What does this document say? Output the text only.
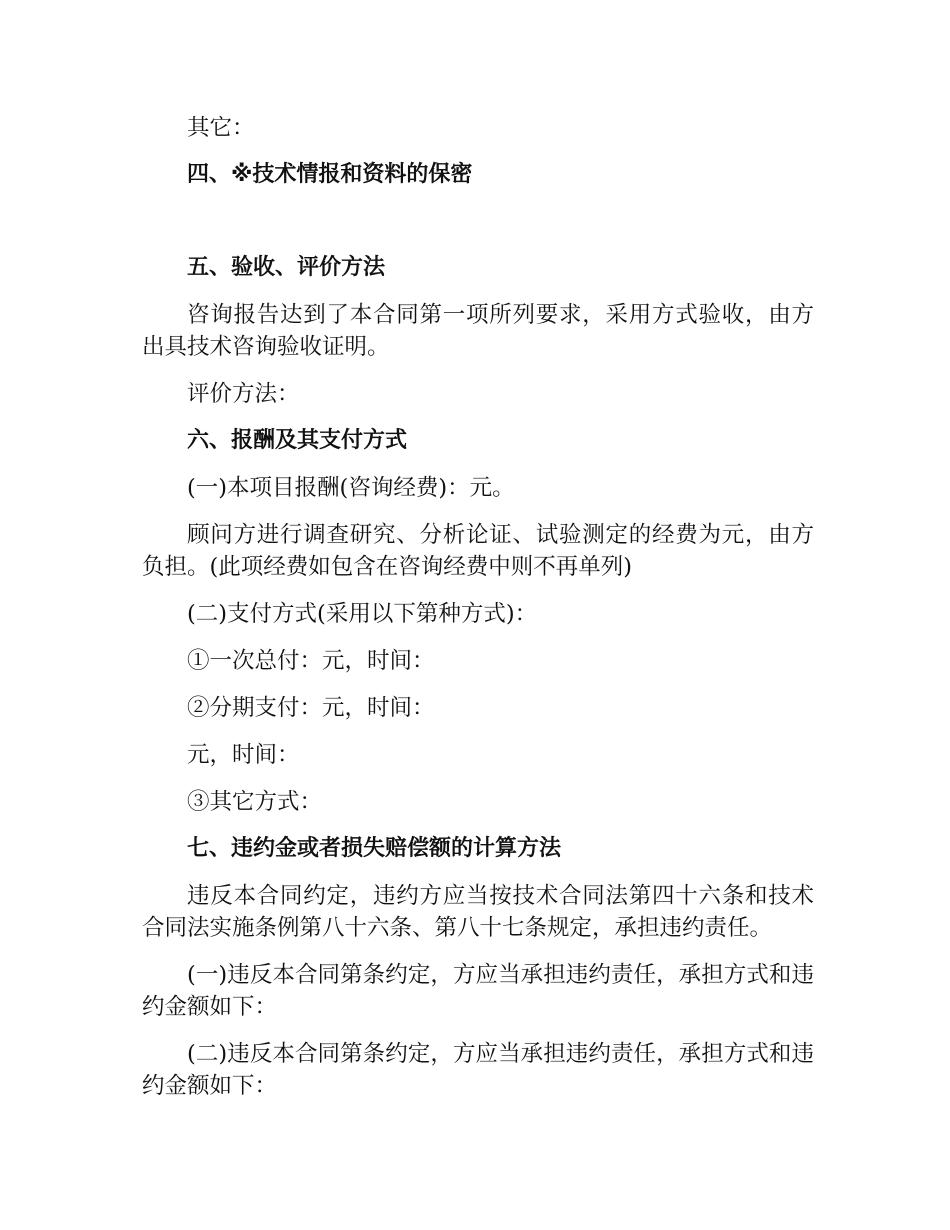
其它：

四、※技术情报和资料的保密

五、验收、评价方法

咨询报告达到了本合同第一项所列要求，采用方式验收，由方出具技术咨询验收证明。

评价方法：

六、报酬及其支付方式

(一)本项目报酬(咨询经费)：元。

顾问方进行调查研究、分析论证、试验测定的经费为元，由方负担。(此项经费如包含在咨询经费中则不再单列)

(二)支付方式(采用以下第种方式)：

①一次总付：元，时间：

②分期支付：元，时间：

元，时间：

③其它方式：

七、违约金或者损失赔偿额的计算方法

违反本合同约定，违约方应当按技术合同法第四十六条和技术合同法实施条例第八十六条、第八十七条规定，承担违约责任。

(一)违反本合同第条约定，方应当承担违约责任，承担方式和违约金额如下：

(二)违反本合同第条约定，方应当承担违约责任，承担方式和违约金额如下：
